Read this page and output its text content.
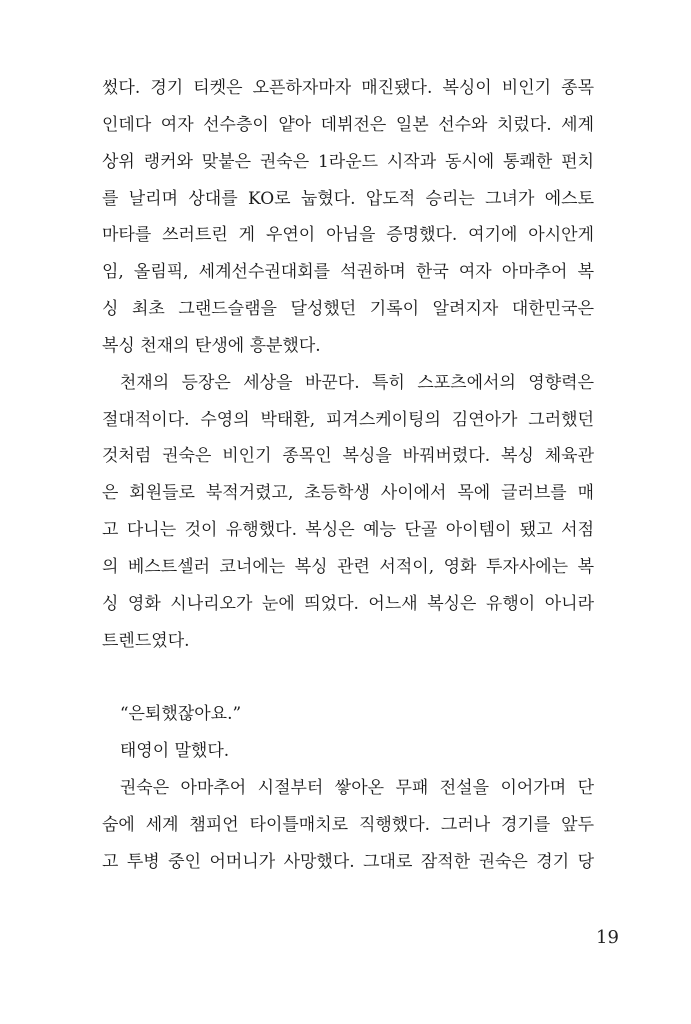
썼다. 경기 티켓은 오픈하자마자 매진됐다. 복싱이 비인기 종목
인데다 여자 선수층이 얕아 데뷔전은 일본 선수와 치렀다. 세계
상위 랭커와 맞붙은 권숙은 1라운드 시작과 동시에 통쾌한 펀치
를 날리며 상대를 KO로 눕혔다. 압도적 승리는 그녀가 에스토
마타를 쓰러트린 게 우연이 아님을 증명했다. 여기에 아시안게
임, 올림픽, 세계선수권대회를 석권하며 한국 여자 아마추어 복
싱 최초 그랜드슬램을 달성했던 기록이 알려지자 대한민국은
복싱 천재의 탄생에 흥분했다.
천재의 등장은 세상을 바꾼다. 특히 스포츠에서의 영향력은
절대적이다. 수영의 박태환, 피겨스케이팅의 김연아가 그러했던
것처럼 권숙은 비인기 종목인 복싱을 바꿔버렸다. 복싱 체육관
은 회원들로 북적거렸고, 초등학생 사이에서 목에 글러브를 매
고 다니는 것이 유행했다. 복싱은 예능 단골 아이템이 됐고 서점
의 베스트셀러 코너에는 복싱 관련 서적이, 영화 투자사에는 복
싱 영화 시나리오가 눈에 띄었다. 어느새 복싱은 유행이 아니라
트렌드였다.
“은퇴했잖아요.”
태영이 말했다.
권숙은 아마추어 시절부터 쌓아온 무패 전설을 이어가며 단
숨에 세계 챔피언 타이틀매치로 직행했다. 그러나 경기를 앞두
고 투병 중인 어머니가 사망했다. 그대로 잠적한 권숙은 경기 당
19
